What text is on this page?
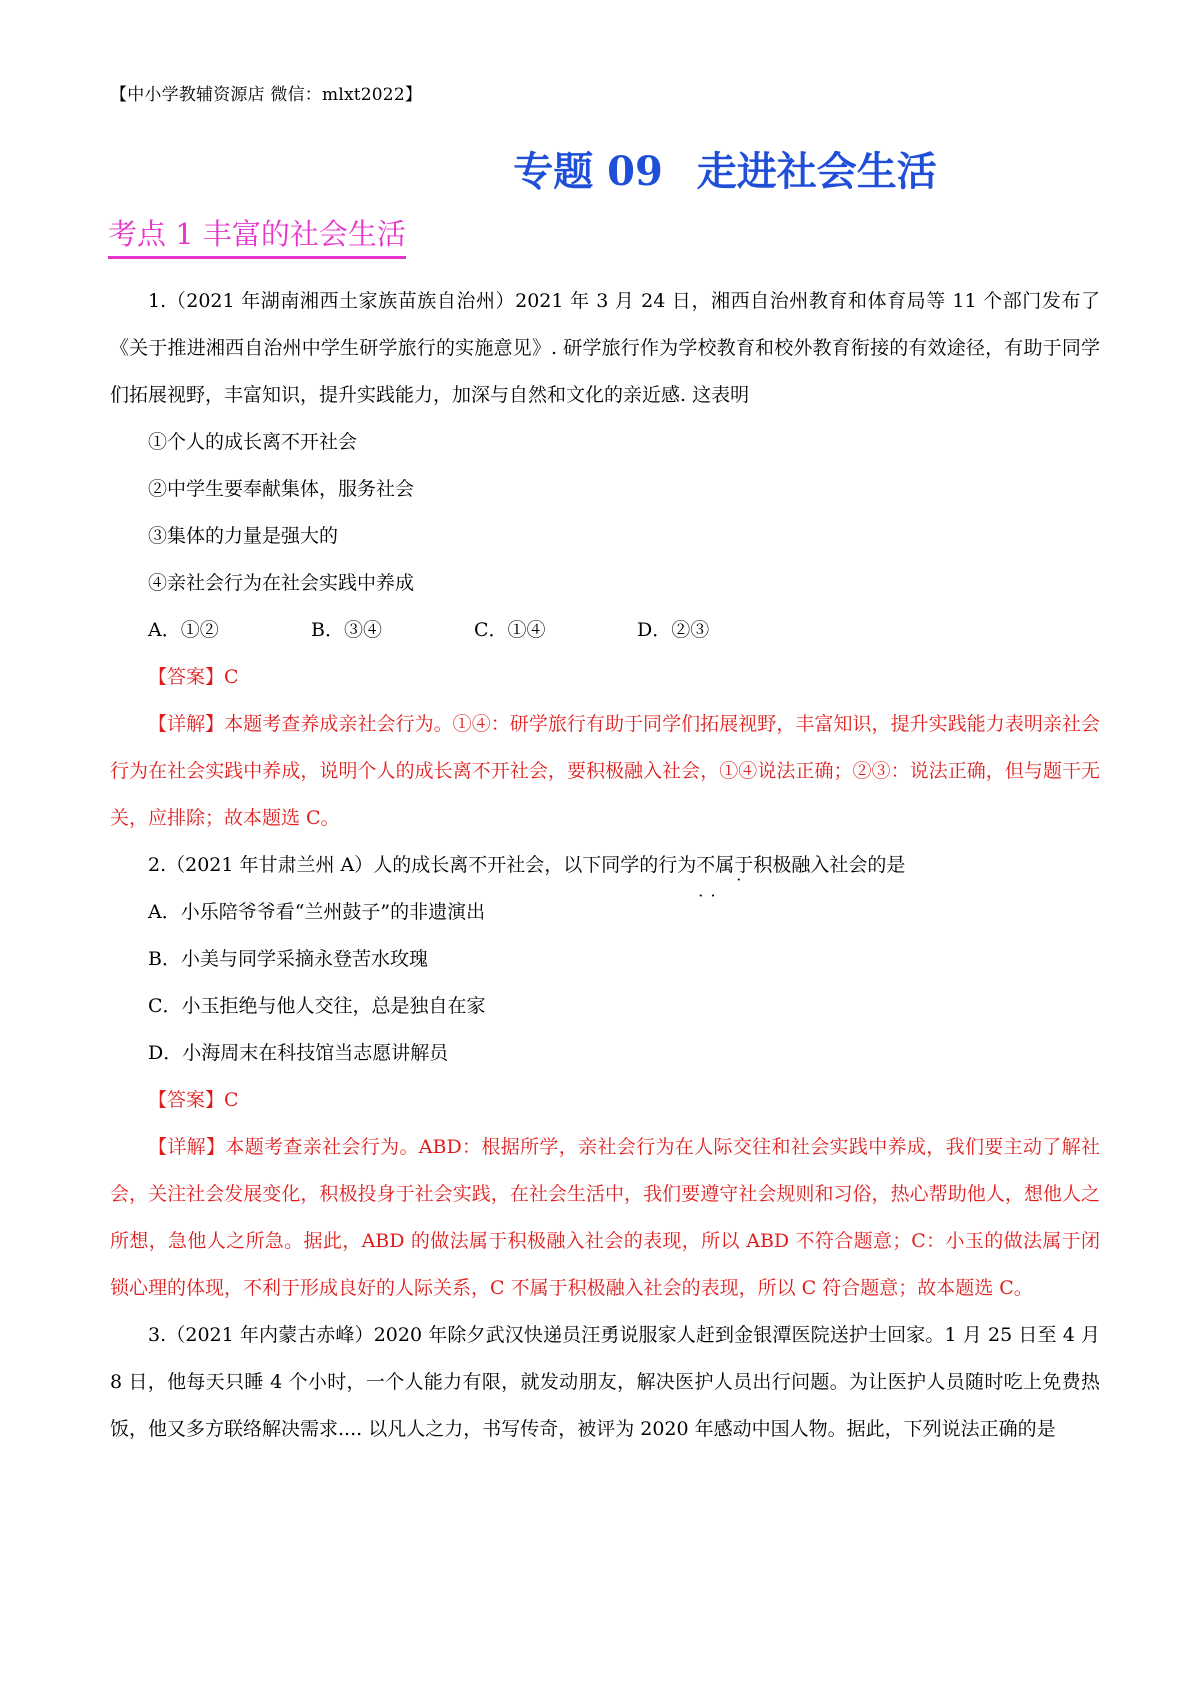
【中小学教辅资源店 微信：mlxt2022】
专题 09 走进社会生活
考点 1 丰富的社会生活

1.（2021 年湖南湘西土家族苗族自治州）2021 年 3 月 24 日，湘西自治州教育和体育局等 11 个部门发布了《关于推进湘西自治州中学生研学旅行的实施意见》. 研学旅行作为学校教育和校外教育衔接的有效途径，有助于同学们拓展视野，丰富知识，提升实践能力，加深与自然和文化的亲近感. 这表明

①个人的成长离不开社会

②中学生要奉献集体，服务社会

③集体的力量是强大的

④亲社会行为在社会实践中养成

A．①②	B．③④	C．①④	D．②③

【答案】C

【详解】本题考查养成亲社会行为。①④：研学旅行有助于同学们拓展视野，丰富知识，提升实践能力表明亲社会行为在社会实践中养成，说明个人的成长离不开社会，要积极融入社会，①④说法正确；②③：说法正确，但与题干无关，应排除；故本题选 C。

2.（2021 年甘肃兰州 A）人的成长离不开社会，以下同学的行为不属于 · · ·积极融入社会的是

A．小乐陪爷爷看“兰州鼓子”的非遗演出

B．小美与同学采摘永登苦水玫瑰

C．小玉拒绝与他人交往，总是独自在家

D．小海周末在科技馆当志愿讲解员

【答案】C

【详解】本题考查亲社会行为。ABD：根据所学，亲社会行为在人际交往和社会实践中养成，我们要主动了解社会，关注社会发展变化，积极投身于社会实践，在社会生活中，我们要遵守社会规则和习俗，热心帮助他人，想他人之所想，急他人之所急。据此，ABD 的做法属于积极融入社会的表现，所以 ABD 不符合题意；C：小玉的做法属于闭锁心理的体现，不利于形成良好的人际关系，C 不属于积极融入社会的表现，所以 C 符合题意；故本题选 C。

3.（2021 年内蒙古赤峰）2020 年除夕武汉快递员汪勇说服家人赶到金银潭医院送护士回家。1 月 25 日至 4 月 8 日，他每天只睡 4 个小时，一个人能力有限，就发动朋友，解决医护人员出行问题。为让医护人员随时吃上免费热饭，他又多方联络解决需求.... 以凡人之力，书写传奇，被评为 2020 年感动中国人物。据此，下列说法正确的是
